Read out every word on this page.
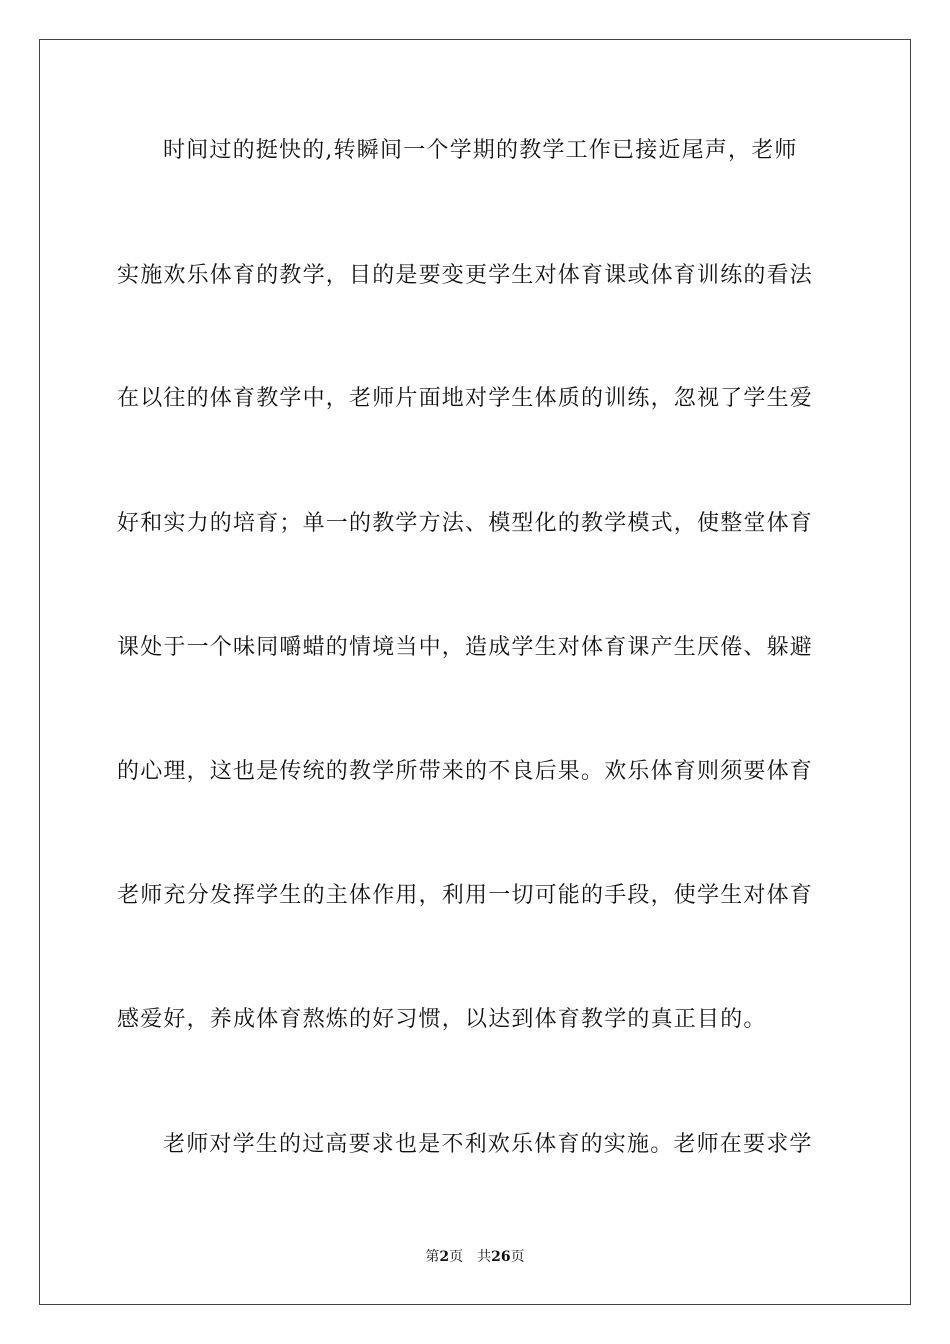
时间过的挺快的,转瞬间一个学期的教学工作已接近尾声，老师
实施欢乐体育的教学，目的是要变更学生对体育课或体育训练的看法
在以往的体育教学中，老师片面地对学生体质的训练，忽视了学生爱
好和实力的培育；单一的教学方法、模型化的教学模式，使整堂体育
课处于一个味同嚼蜡的情境当中，造成学生对体育课产生厌倦、躲避
的心理，这也是传统的教学所带来的不良后果。欢乐体育则须要体育
老师充分发挥学生的主体作用，利用一切可能的手段，使学生对体育
感爱好，养成体育熬炼的好习惯，以达到体育教学的真正目的。
老师对学生的过高要求也是不利欢乐体育的实施。老师在要求学
第2页 共26页
